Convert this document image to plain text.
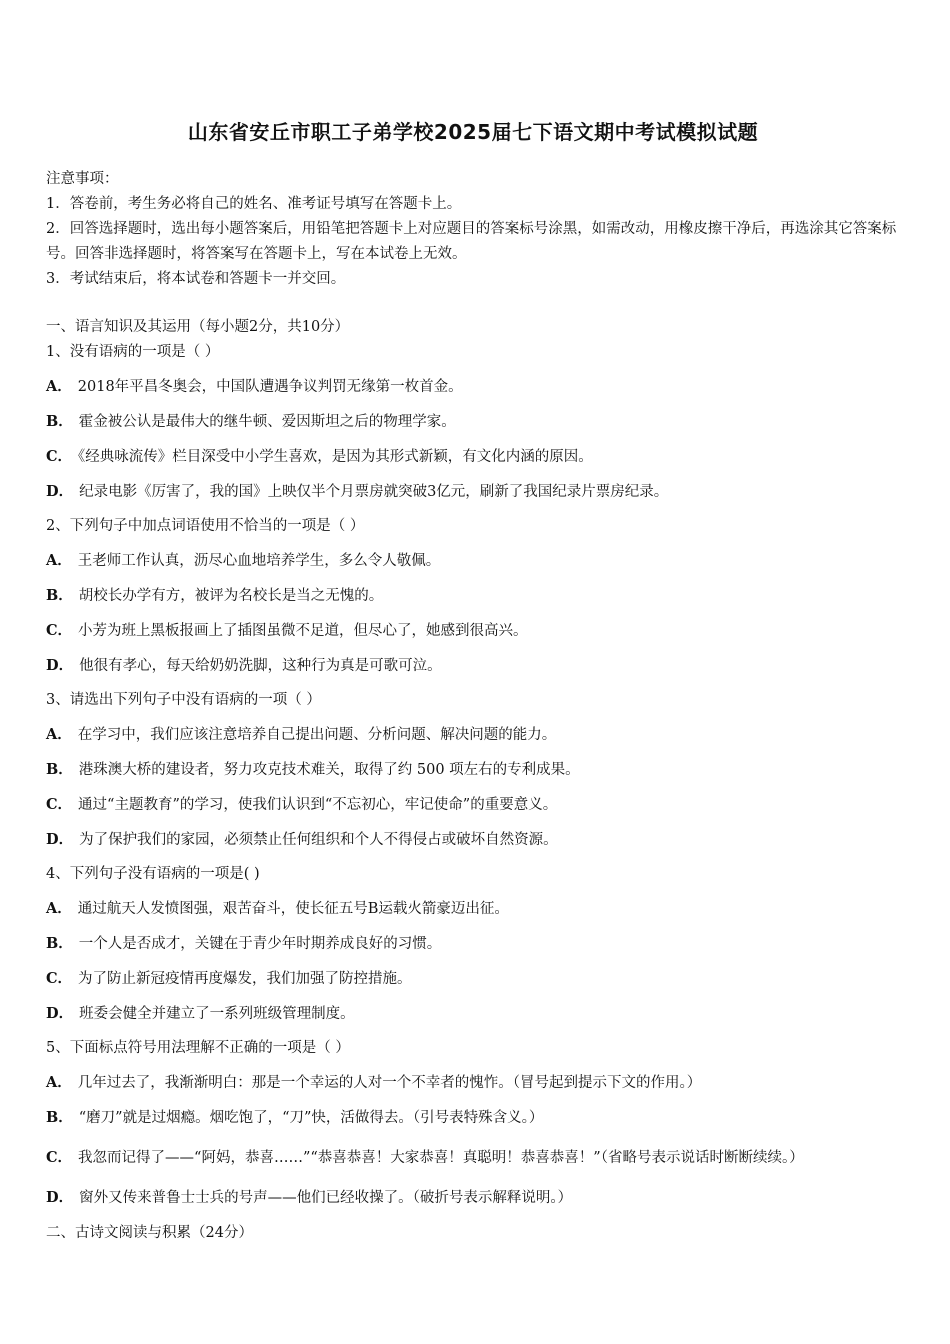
山东省安丘市职工子弟学校2025届七下语文期中考试模拟试题
注意事项：
1．答卷前，考生务必将自己的姓名、准考证号填写在答题卡上。
2．回答选择题时，选出每小题答案后，用铅笔把答题卡上对应题目的答案标号涂黑，如需改动，用橡皮擦干净后，再选涂其它答案标号。回答非选择题时，将答案写在答题卡上，写在本试卷上无效。
3．考试结束后，将本试卷和答题卡一并交回。
一、语言知识及其运用（每小题2分，共10分）
1、没有语病的一项是（ ）
A． 2018年平昌冬奥会，中国队遭遇争议判罚无缘第一枚首金。
B． 霍金被公认是最伟大的继牛顿、爱因斯坦之后的物理学家。
C． 《经典咏流传》栏目深受中小学生喜欢，是因为其形式新颖，有文化内涵的原因。
D． 纪录电影《厉害了，我的国》上映仅半个月票房就突破3亿元，刷新了我国纪录片票房纪录。
2、下列句子中加点词语使用不恰当的一项是（ ）
A． 王老师工作认真，沥尽心血地培养学生，多么令人敬佩。
B． 胡校长办学有方，被评为名校长是当之无愧的。
C． 小芳为班上黑板报画上了插图虽微不足道，但尽心了，她感到很高兴。
D． 他很有孝心，每天给奶奶洗脚，这种行为真是可歌可泣。
3、请选出下列句子中没有语病的一项（ ）
A． 在学习中，我们应该注意培养自己提出问题、分析问题、解决问题的能力。
B． 港珠澳大桥的建设者，努力攻克技术难关，取得了约 500 项左右的专利成果。
C． 通过“主题教育”的学习，使我们认识到“不忘初心，牢记使命”的重要意义。
D． 为了保护我们的家园，必须禁止任何组织和个人不得侵占或破坏自然资源。
4、下列句子没有语病的一项是( )
A． 通过航天人发愤图强，艰苦奋斗，使长征五号B运载火箭豪迈出征。
B． 一个人是否成才，关键在于青少年时期养成良好的习惯。
C． 为了防止新冠疫情再度爆发，我们加强了防控措施。
D． 班委会健全并建立了一系列班级管理制度。
5、下面标点符号用法理解不正确的一项是（ ）
A． 几年过去了，我渐渐明白：那是一个幸运的人对一个不幸者的愧怍。（冒号起到提示下文的作用。）
B． “磨刀”就是过烟瘾。烟吃饱了，“刀”快，活做得去。（引号表特殊含义。）
C． 我忽而记得了——“阿妈，恭喜……”“恭喜恭喜！大家恭喜！真聪明！恭喜恭喜！”（省略号表示说话时断断续续。）
D． 窗外又传来普鲁士士兵的号声——他们已经收操了。（破折号表示解释说明。）
二、古诗文阅读与积累（24分）
